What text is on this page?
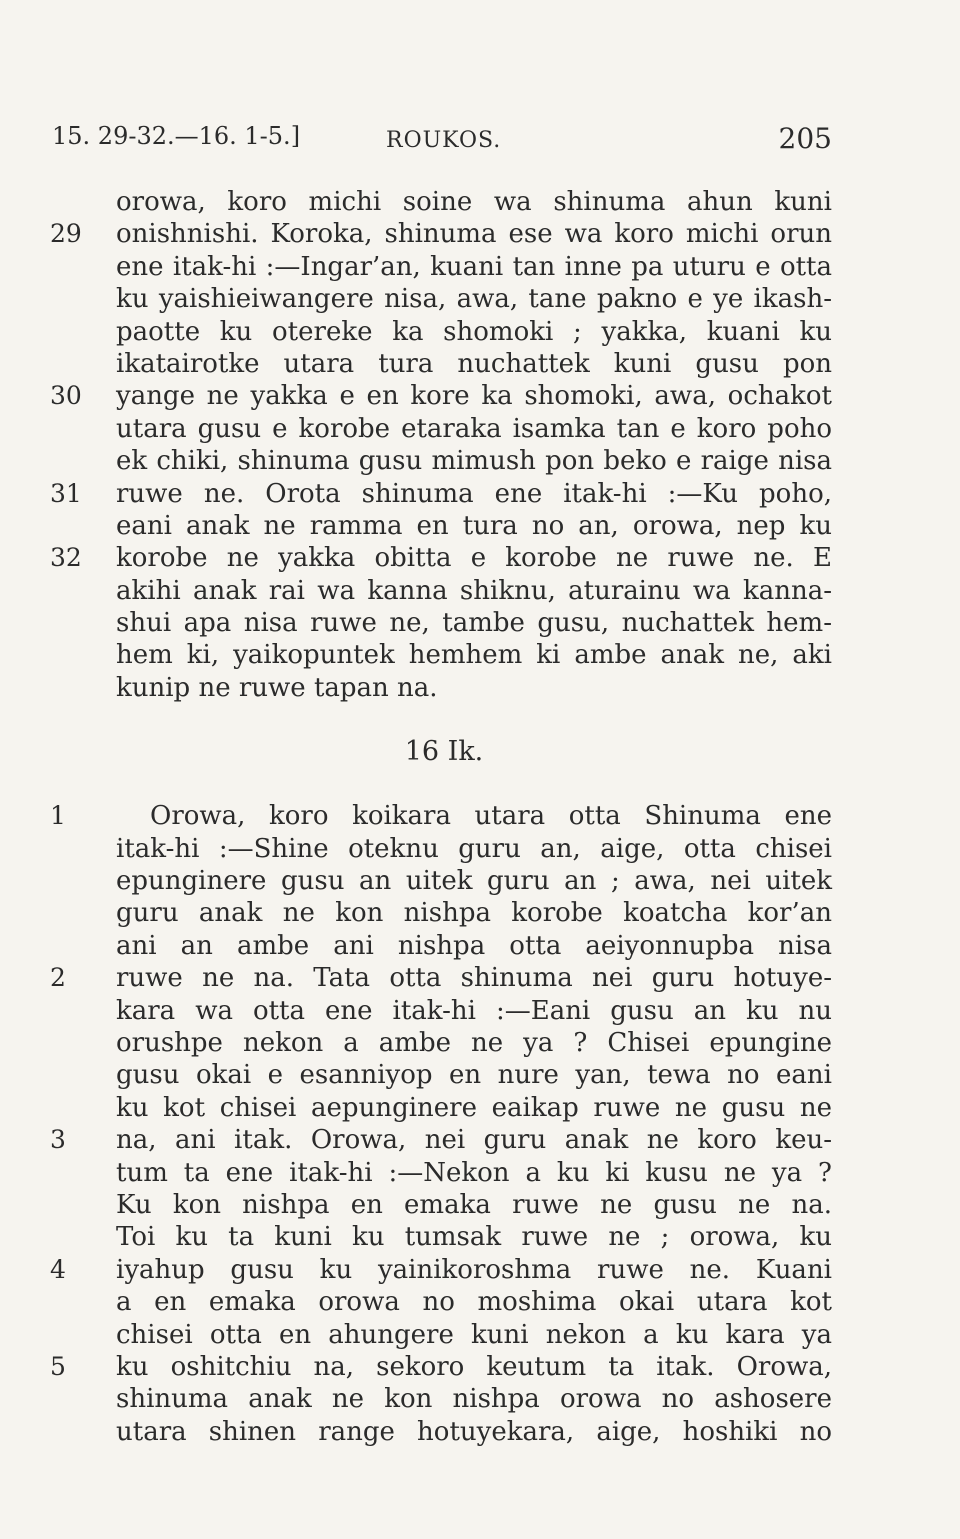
15. 29-32.—16. 1-5.]	ROUKOS.	205
orowa, koro michi soine wa shinuma ahun kuni
29 onishnishi. Koroka, shinuma ese wa koro michi orun
ene itak-hi :—Ingar’an, kuani tan inne pa uturu e otta
ku yaishieiwangere nisa, awa, tane pakno e ye ikash-
paotte ku otereke ka shomoki ; yakka, kuani ku
ikatairotke utara tura nuchattek kuni gusu pon
30 yange ne yakka e en kore ka shomoki, awa, ochakot
utara gusu e korobe etaraka isamka tan e koro poho
ek chiki, shinuma gusu mimush pon beko e raige nisa
31 ruwe ne. Orota shinuma ene itak-hi :—Ku poho,
eani anak ne ramma en tura no an, orowa, nep ku
32 korobe ne yakka obitta e korobe ne ruwe ne. E
akihi anak rai wa kanna shiknu, aturainu wa kanna-
shui apa nisa ruwe ne, tambe gusu, nuchattek hem-
hem ki, yaikopuntek hemhem ki ambe anak ne, aki
kunip ne ruwe tapan na.
16 Ik.
1	Orowa, koro koikara utara otta Shinuma ene
itak-hi :—Shine oteknu guru an, aige, otta chisei
epunginere gusu an uitek guru an ; awa, nei uitek
guru anak ne kon nishpa korobe koatcha kor’an
ani an ambe ani nishpa otta aeiyonnupba nisa
2	ruwe ne na. Tata otta shinuma nei guru hotuye-
kara wa otta ene itak-hi :—Eani gusu an ku nu
orushpe nekon a ambe ne ya ? Chisei epungine
gusu okai e esanniyop en nure yan, tewa no eani
ku kot chisei aepunginere eaikap ruwe ne gusu ne
3	na, ani itak. Orowa, nei guru anak ne koro keu-
tum ta ene itak-hi :—Nekon a ku ki kusu ne ya ?
Ku kon nishpa en emaka ruwe ne gusu ne na.
Toi ku ta kuni ku tumsak ruwe ne ; orowa, ku
4	iyahup gusu ku yainikoroshma ruwe ne. Kuani
a en emaka orowa no moshima okai utara kot
chisei otta en ahungere kuni nekon a ku kara ya
5	ku oshitchiu na, sekoro keutum ta itak. Orowa,
shinuma anak ne kon nishpa orowa no ashosere
utara shinen range hotuyekara, aige, hoshiki no
